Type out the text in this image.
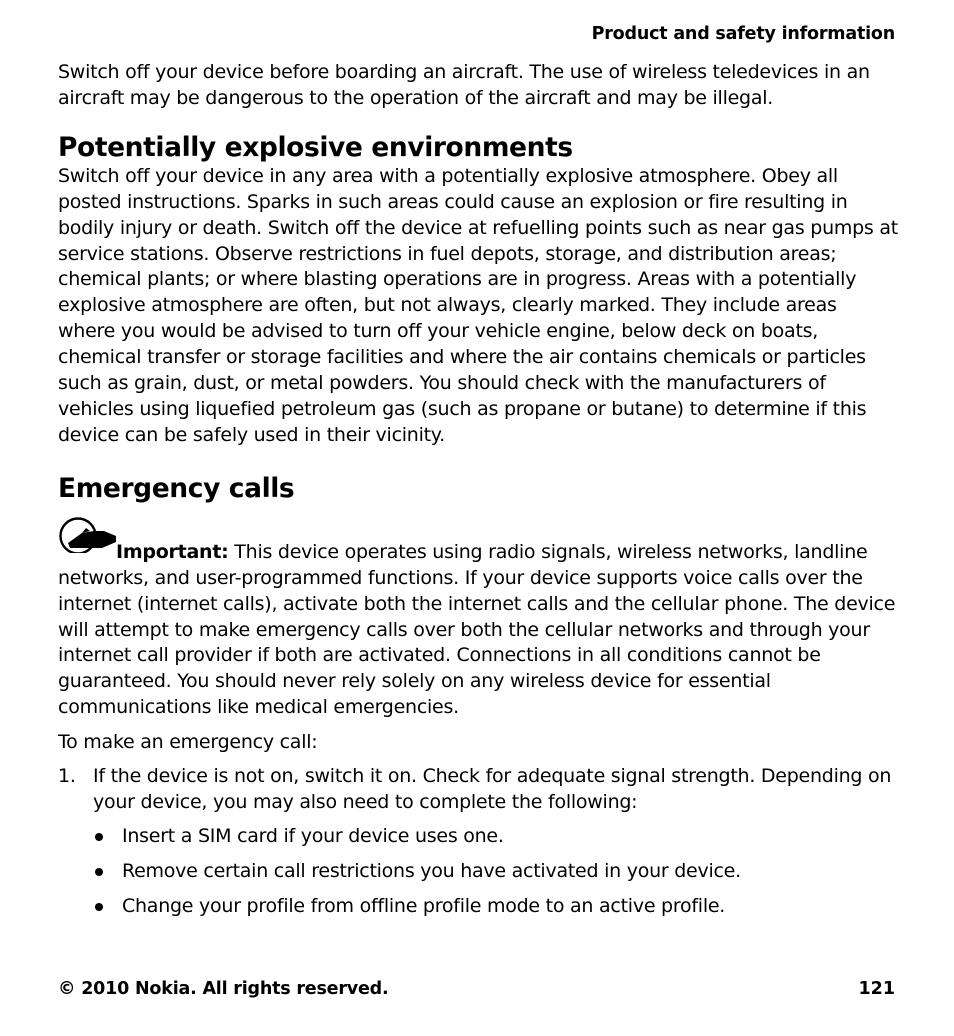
Product and safety information

Switch off your device before boarding an aircraft. The use of wireless teledevices in an aircraft may be dangerous to the operation of the aircraft and may be illegal.

Potentially explosive environments

Switch off your device in any area with a potentially explosive atmosphere. Obey all posted instructions. Sparks in such areas could cause an explosion or fire resulting in bodily injury or death. Switch off the device at refuelling points such as near gas pumps at service stations. Observe restrictions in fuel depots, storage, and distribution areas; chemical plants; or where blasting operations are in progress. Areas with a potentially explosive atmosphere are often, but not always, clearly marked. They include areas where you would be advised to turn off your vehicle engine, below deck on boats, chemical transfer or storage facilities and where the air contains chemicals or particles such as grain, dust, or metal powders. You should check with the manufacturers of vehicles using liquefied petroleum gas (such as propane or butane) to determine if this device can be safely used in their vicinity.

Emergency calls

Important: This device operates using radio signals, wireless networks, landline networks, and user-programmed functions. If your device supports voice calls over the internet (internet calls), activate both the internet calls and the cellular phone. The device will attempt to make emergency calls over both the cellular networks and through your internet call provider if both are activated. Connections in all conditions cannot be guaranteed. You should never rely solely on any wireless device for essential communications like medical emergencies.

To make an emergency call:

1. If the device is not on, switch it on. Check for adequate signal strength. Depending on your device, you may also need to complete the following:
Insert a SIM card if your device uses one.
Remove certain call restrictions you have activated in your device.
Change your profile from offline profile mode to an active profile.
© 2010 Nokia. All rights reserved.	121
